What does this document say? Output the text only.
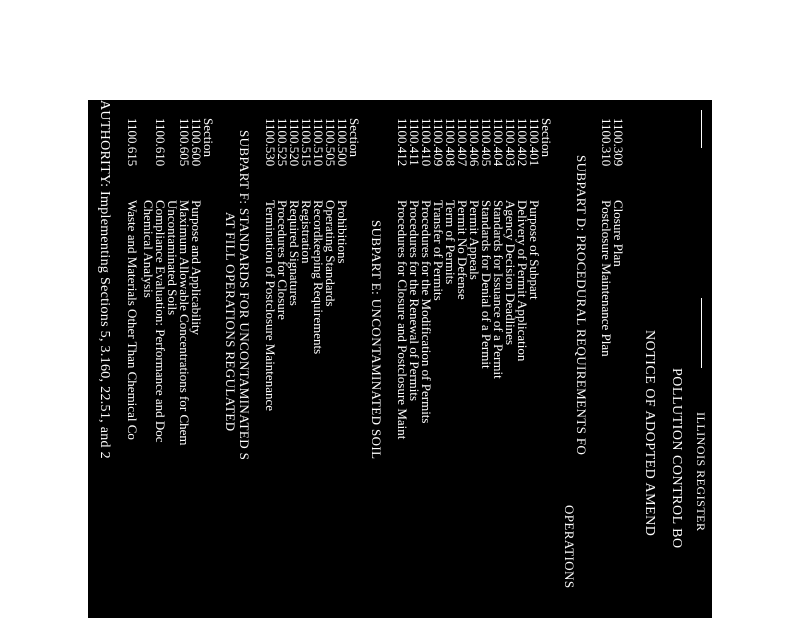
ILLINOIS REGISTER
POLLUTION CONTROL BO
NOTICE OF ADOPTED AMEND
1100.309
Closure Plan
1100.310
Postclosure Maintenance Plan
SUBPART D: PROCEDURAL REQUIREMENTS FO
OPERATIONS
Section
1100.401
Purpose of Subpart
1100.402
Delivery of Permit Application
1100.403
Agency Decision Deadlines
1100.404
Standards for Issuance of a Permit
1100.405
Standards for Denial of a Permit
1100.406
Permit Appeals
1100.407
Permit No Defense
1100.408
Term of Permits
1100.409
Transfer of Permits
1100.410
Procedures for the Modification of Permits
1100.411
Procedures for the Renewal of Permits
1100.412
Procedures for Closure and Postclosure Maint
SUBPART E: UNCONTAMINATED SOIL
Section
1100.500
Prohibitions
1100.505
Operating Standards
1100.510
Recordkeeping Requirements
1100.515
Registration
1100.520
Required Signatures
1100.525
Procedures for Closure
1100.530
Termination of Postclosure Maintenance
SUBPART F: STANDARDS FOR UNCONTAMINATED S
AT FILL OPERATIONS REGULATED
Section
1100.600
Purpose and Applicability
1100.605
Maximum Allowable Concentrations for Chem
Uncontaminated Soils
1100.610
Compliance Evaluation: Performance and Doc
Chemical Analysis
1100.615
Waste and Materials Other Than Chemical Co
AUTHORITY: Implementing Sections 5, 3.160, 22.51, and 2
